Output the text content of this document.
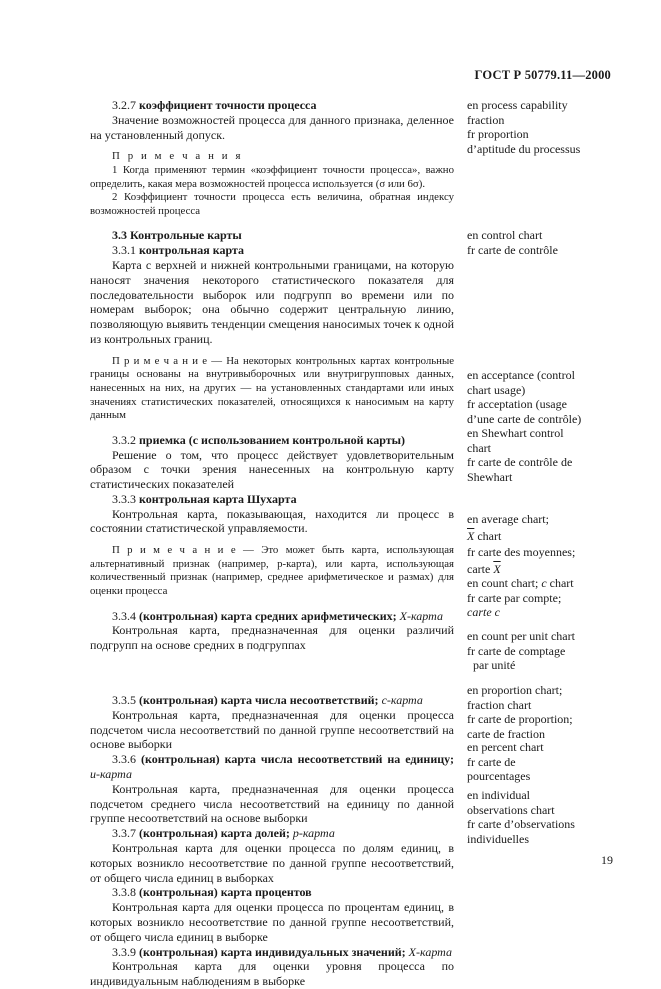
ГОСТ Р 50779.11—2000

3.2.7 коэффициент точности процесса

Значение возможностей процесса для данного признака, деленное на установленный допуск.

П р и м е ч а н и я

1 Когда применяют термин «коэффициент точности процесса», важно определить, какая мера возможностей процесса используется (σ или 6σ).

2 Коэффициент точности процесса есть величина, обратная индексу возможностей процесса

3.3 Контрольные карты

3.3.1 контрольная карта

Карта с верхней и нижней контрольными границами, на которую наносят значения некоторого статистического показателя для последовательности выборок или подгрупп во времени или по номерам выборок; она обычно содержит центральную линию, позволяющую выявить тенденции смещения наносимых точек к одной из контрольных границ.

П р и м е ч а н и е — На некоторых контрольных картах контрольные границы основаны на внутривыборочных или внутригрупповых данных, нанесенных на них, на других — на установленных стандартами или иных значениях статистических показателей, относящихся к наносимым на карту данным

3.3.2 приемка (с использованием контрольной карты)

Решение о том, что процесс действует удовлетворительным образом с точки зрения нанесенных на контрольную карту статистических показателей

3.3.3 контрольная карта Шухарта

Контрольная карта, показывающая, находится ли процесс в состоянии статистической управляемости.

П р и м е ч а н и е — Это может быть карта, использующая альтернативный признак (например, p-карта), или карта, использующая количественный признак (например, среднее арифметическое и размах) для оценки процесса

3.3.4 (контрольная) карта средних арифметических; X-карта

Контрольная карта, предназначенная для оценки различий подгрупп на основе средних в подгруппах

3.3.5 (контрольная) карта числа несоответствий; с-карта

Контрольная карта, предназначенная для оценки процесса подсчетом числа несоответствий по данной группе несоответствий на основе выборки

3.3.6 (контрольная) карта числа несоответствий на единицу; и-карта

Контрольная карта, предназначенная для оценки процесса подсчетом среднего числа несоответствий на единицу по данной группе несоответствий на основе выборки

3.3.7 (контрольная) карта долей; р-карта

Контрольная карта для оценки процесса по долям единиц, в которых возникло несоответствие по данной группе несоответствий, от общего числа единиц в выборках

3.3.8 (контрольная) карта процентов

Контрольная карта для оценки процесса по процентам единиц, в которых возникло несоответствие по данной группе несоответствий, от общего числа единиц в выборке

3.3.9 (контрольная) карта индивидуальных значений; Х-карта

Контрольная карта для оценки уровня процесса по индивидуальным наблюдениям в выборке

en process capability
fraction
fr proportion
d’aptitude du processus
en control chart
fr carte de contrôle
en acceptance (control
chart usage)
fr acceptation (usage
d’une carte de contrôle)
en Shewhart control
chart
fr carte de contrôle de
Shewhart
en average chart;
$\overline{X}$ chart
fr carte des moyennes;
carte $\overline{X}$
en count chart; c chart
fr carte par compte;
carte c
en count per unit chart
fr carte de comptage
par unité
en proportion chart;
fraction chart
fr carte de proportion;
carte de fraction
en percent chart
fr carte de
pourcentages
en individual
observations chart
fr carte d’observations
individuelles
19
